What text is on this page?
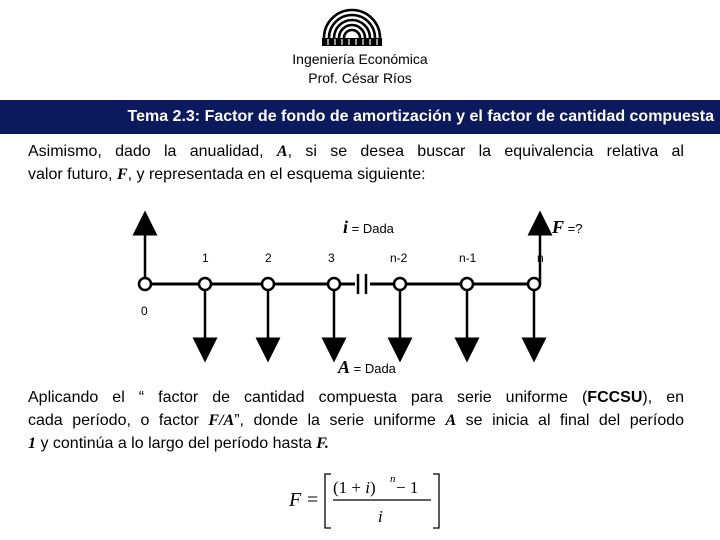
Ingeniería Económica
Prof. César Ríos
Tema 2.3: Factor de fondo de amortización y el factor de cantidad compuesta
Asimismo, dado la anualidad, A, si se desea buscar la equivalencia relativa al
valor futuro, F, y representada en el esquema siguiente:
i = Dada	F =?
1	2	3	n-2	n-1	n
0
A = Dada
Aplicando el “ factor de cantidad compuesta para serie uniforme (FCCSU), en
cada período, o factor F/A”, donde la serie uniforme A se inicia al final del período
1 y continúa a lo largo del período hasta F.
F =
(1 + i) n − 1
i
